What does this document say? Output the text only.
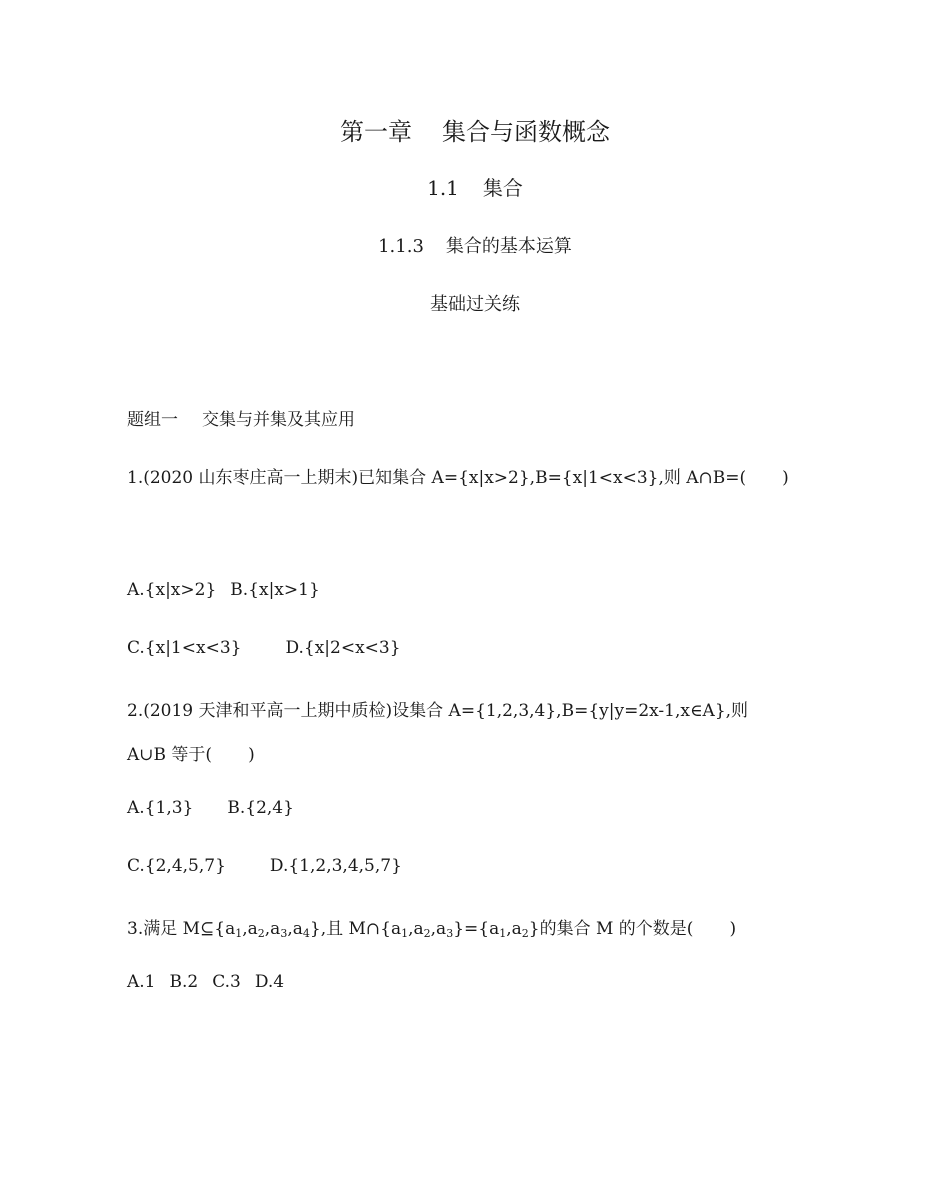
第一章 集合与函数概念
1.1 集合
1.1.3 集合的基本运算
基础过关练
题组一 交集与并集及其应用
1.(2020 山东枣庄高一上期末)已知集合 A={x|x>2},B={x|1<x<3},则 A∩B=( )
A.{x|x>2} B.{x|x>1}
C.{x|1<x<3}	D.{x|2<x<3}
2.(2019 天津和平高一上期中质检)设集合 A={1,2,3,4},B={y|y=2x-1,x∈A},则
A∪B 等于( )
A.{1,3} B.{2,4}
C.{2,4,5,7}	D.{1,2,3,4,5,7}
3.满足 $M⊆\{a_1,a_2,a_3,a_4\}$,且 $M\cap\{a_1,a_2,a_3\}=\{a_1,a_2\}$的集合 M 的个数是( )
A.1 B.2 C.3 D.4
